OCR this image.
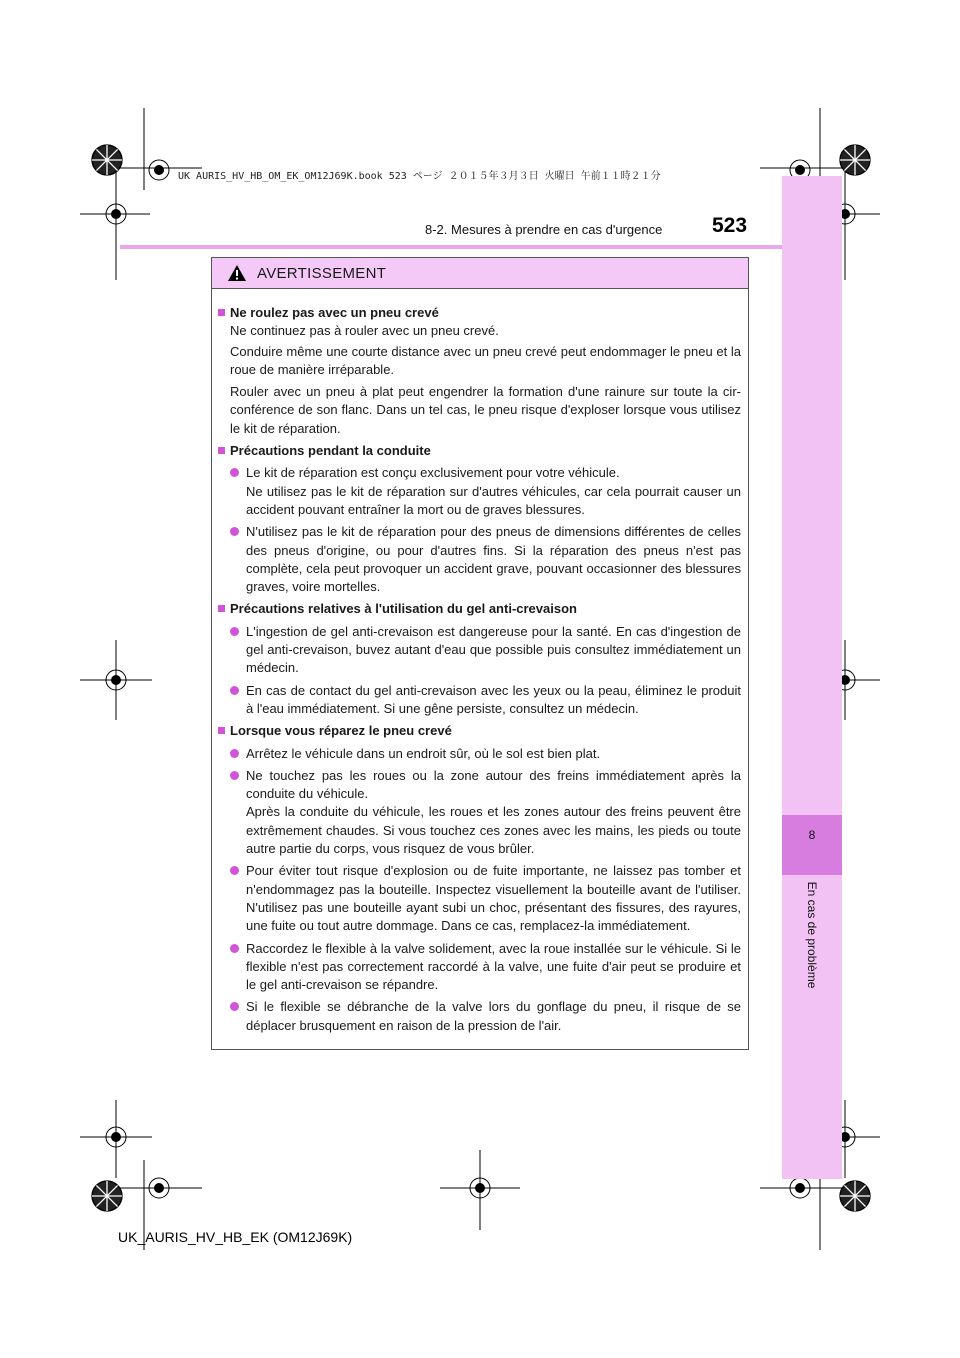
UK AURIS_HV_HB_OM_EK_OM12J69K.book 523 ページ ２０１５年３月３日 火曜日 午前１１時２１分
8
En cas de problème
8-2. Mesures à prendre en cas d'urgence 523
AVERTISSEMENT
Ne roulez pas avec un pneu crevé
Ne continuez pas à rouler avec un pneu crevé.
Conduire même une courte distance avec un pneu crevé peut endommager le pneu et la roue de manière irréparable.
Rouler avec un pneu à plat peut engendrer la formation d'une rainure sur toute la circonférence de son flanc. Dans un tel cas, le pneu risque d'exploser lorsque vous utilisez le kit de réparation.
Précautions pendant la conduite
Le kit de réparation est conçu exclusivement pour votre véhicule.
Ne utilisez pas le kit de réparation sur d'autres véhicules, car cela pourrait causer un accident pouvant entraîner la mort ou de graves blessures.
N'utilisez pas le kit de réparation pour des pneus de dimensions différentes de celles des pneus d'origine, ou pour d'autres fins. Si la réparation des pneus n'est pas complète, cela peut provoquer un accident grave, pouvant occasionner des blessures graves, voire mortelles.
Précautions relatives à l'utilisation du gel anti-crevaison
L'ingestion de gel anti-crevaison est dangereuse pour la santé. En cas d'ingestion de gel anti-crevaison, buvez autant d'eau que possible puis consultez immédiatement un médecin.
En cas de contact du gel anti-crevaison avec les yeux ou la peau, éliminez le produit à l'eau immédiatement. Si une gêne persiste, consultez un médecin.
Lorsque vous réparez le pneu crevé
Arrêtez le véhicule dans un endroit sûr, où le sol est bien plat.
Ne touchez pas les roues ou la zone autour des freins immédiatement après la conduite du véhicule.
Après la conduite du véhicule, les roues et les zones autour des freins peuvent être extrêmement chaudes. Si vous touchez ces zones avec les mains, les pieds ou toute autre partie du corps, vous risquez de vous brûler.
Pour éviter tout risque d'explosion ou de fuite importante, ne laissez pas tomber et n'endommagez pas la bouteille. Inspectez visuellement la bouteille avant de l'utiliser. N'utilisez pas une bouteille ayant subi un choc, présentant des fissures, des rayures, une fuite ou tout autre dommage. Dans ce cas, remplacez-la immédiatement.
Raccordez le flexible à la valve solidement, avec la roue installée sur le véhicule. Si le flexible n'est pas correctement raccordé à la valve, une fuite d'air peut se produire et le gel anti-crevaison se répandre.
Si le flexible se débranche de la valve lors du gonflage du pneu, il risque de se déplacer brusquement en raison de la pression de l'air.
UK_AURIS_HV_HB_EK (OM12J69K)
